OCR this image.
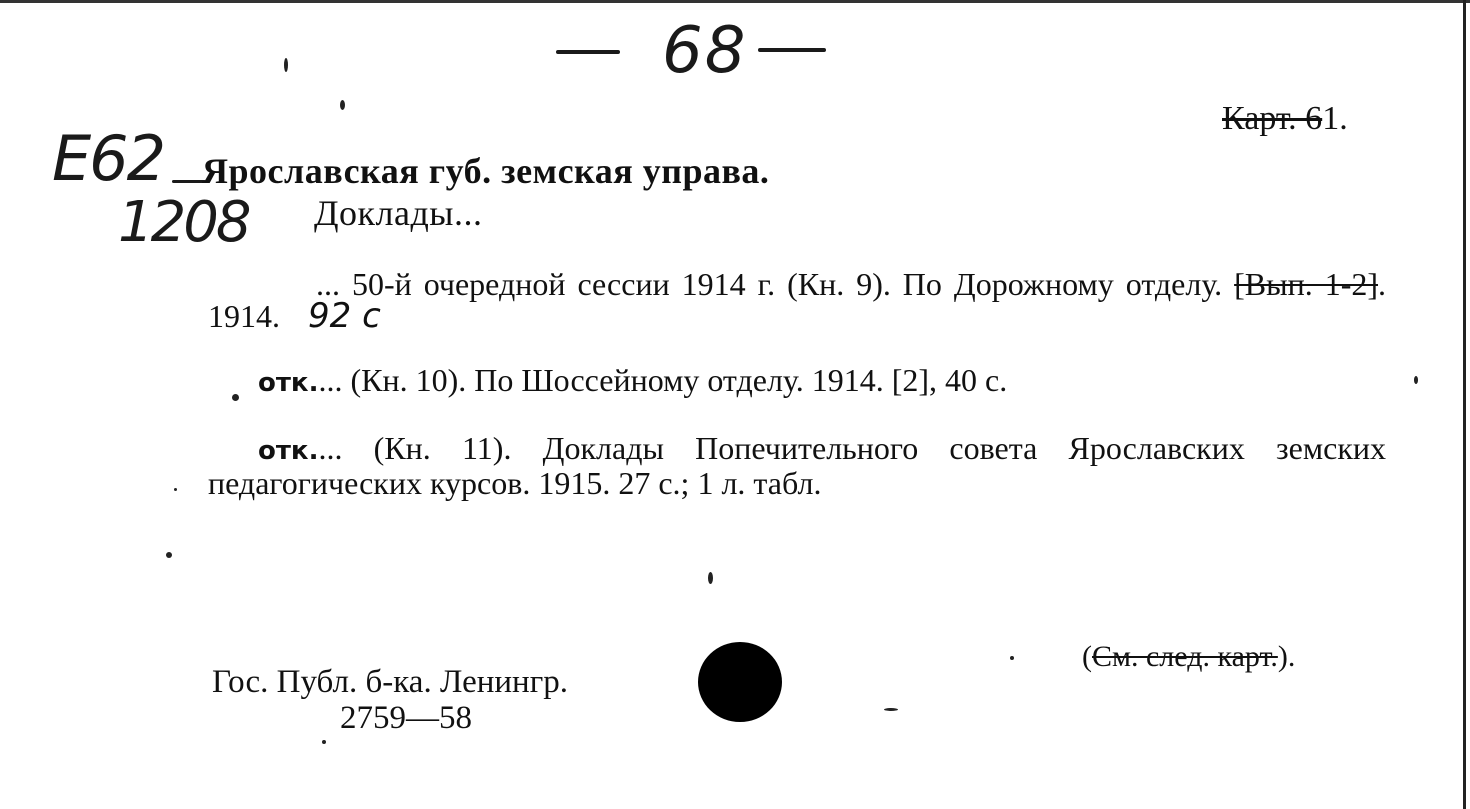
68
Карт. 61.
E62
1208
Ярославская губ. земская управа.
Доклады...
... 50-й очередной сессии 1914 г. (Кн. 9). По Дорожному отделу. [Вып. 1-2]. 1914. 92 с
отк.... (Кн. 10). По Шоссейному отделу. 1914. [2], 40 с.
отк.... (Кн. 11). Доклады Попечительного совета Ярославских земских педагогических курсов. 1915. 27 с.; 1 л. табл.
(См. след. карт.).
Гос. Публ. б-ка. Ленингр.
2759—58
